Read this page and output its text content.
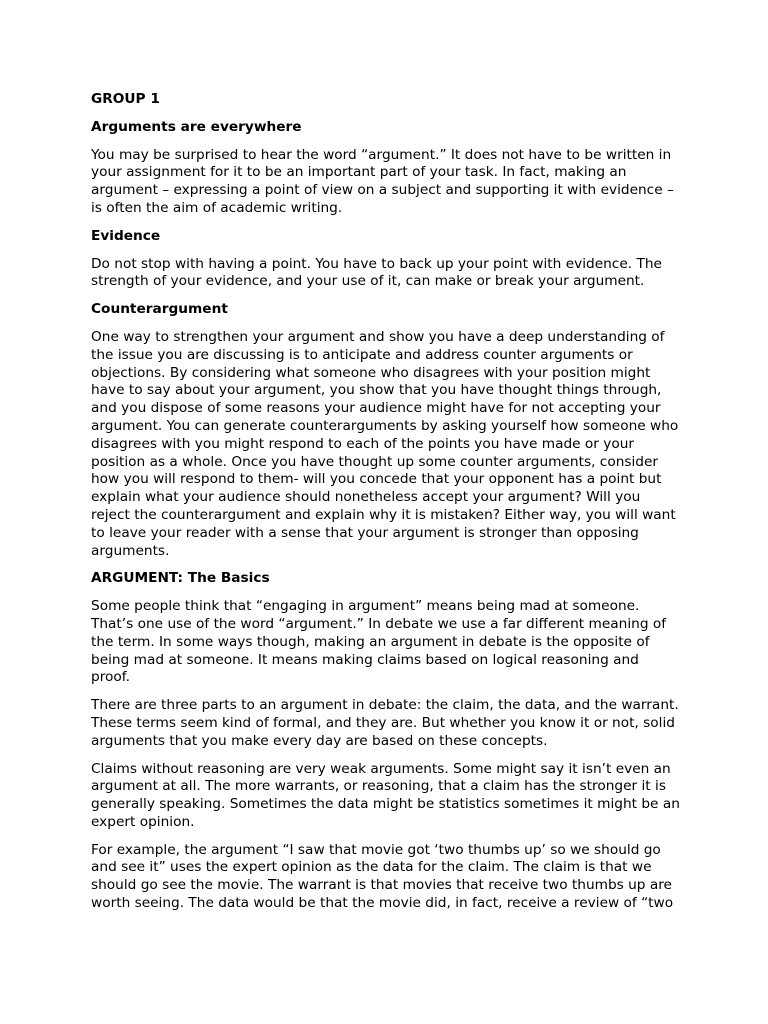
GROUP 1

Arguments are everywhere

You may be surprised to hear the word “argument.” It does not have to be written in your assignment for it to be an important part of your task. In fact, making an argument – expressing a point of view on a subject and supporting it with evidence – is often the aim of academic writing.

Evidence

Do not stop with having a point. You have to back up your point with evidence. The strength of your evidence, and your use of it, can make or break your argument.

Counterargument

One way to strengthen your argument and show you have a deep understanding of the issue you are discussing is to anticipate and address counter arguments or objections. By considering what someone who disagrees with your position might have to say about your argument, you show that you have thought things through, and you dispose of some reasons your audience might have for not accepting your argument. You can generate counterarguments by asking yourself how someone who disagrees with you might respond to each of the points you have made or your position as a whole. Once you have thought up some counter arguments, consider how you will respond to them- will you concede that your opponent has a point but explain what your audience should nonetheless accept your argument? Will you reject the counterargument and explain why it is mistaken? Either way, you will want to leave your reader with a sense that your argument is stronger than opposing arguments.

ARGUMENT: The Basics

Some people think that “engaging in argument” means being mad at someone. That’s one use of the word “argument.” In debate we use a far different meaning of the term. In some ways though, making an argument in debate is the opposite of being mad at someone. It means making claims based on logical reasoning and proof.

There are three parts to an argument in debate: the claim, the data, and the warrant. These terms seem kind of formal, and they are. But whether you know it or not, solid arguments that you make every day are based on these concepts.

Claims without reasoning are very weak arguments. Some might say it isn’t even an argument at all. The more warrants, or reasoning, that a claim has the stronger it is generally speaking. Sometimes the data might be statistics sometimes it might be an expert opinion.

For example, the argument “I saw that movie got ‘two thumbs up’ so we should go and see it” uses the expert opinion as the data for the claim. The claim is that we should go see the movie. The warrant is that movies that receive two thumbs up are worth seeing. The data would be that the movie did, in fact, receive a review of “two
